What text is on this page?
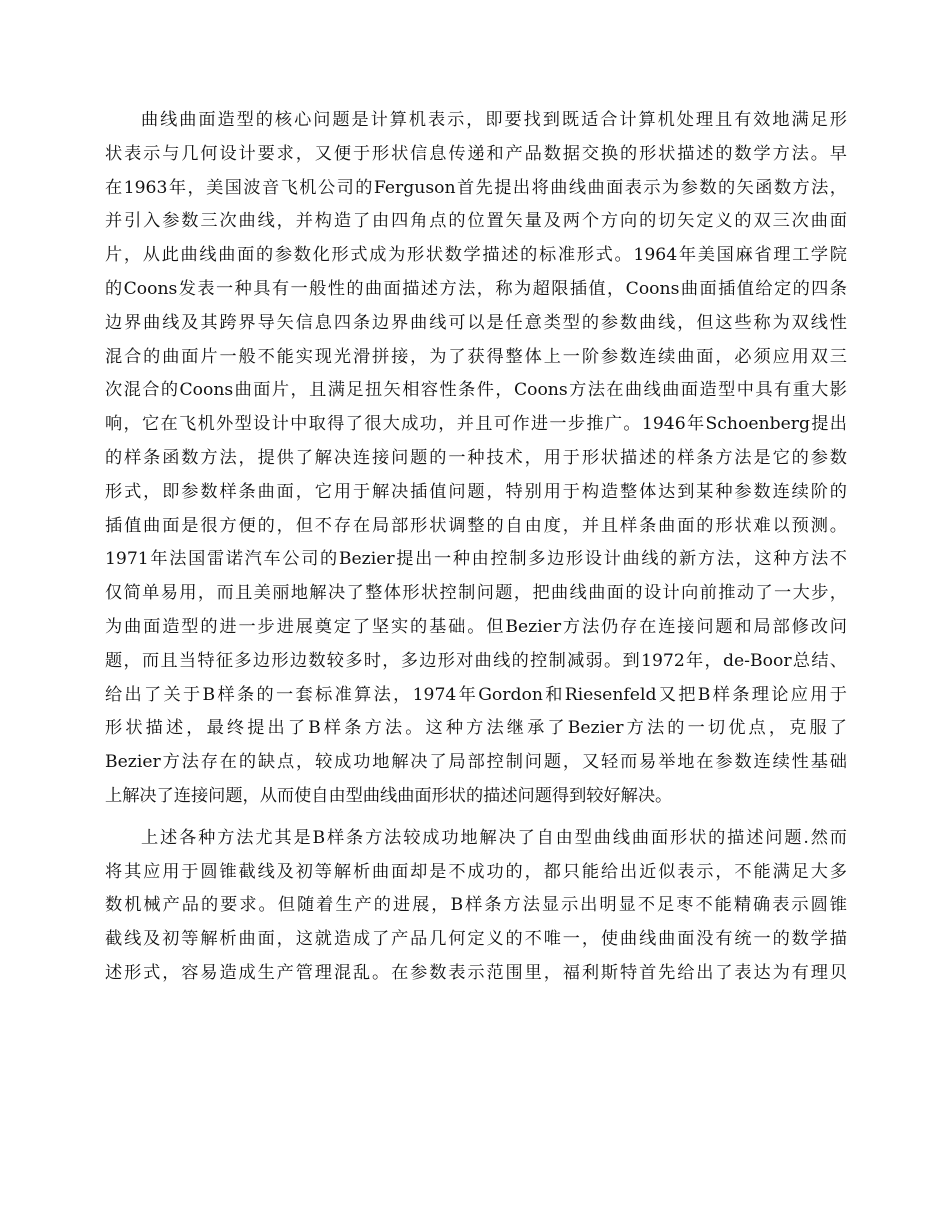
曲线曲面造型的核心问题是计算机表示，即要找到既适合计算机处理且有效地满足形
状表示与几何设计要求，又便于形状信息传递和产品数据交换的形状描述的数学方法。早
在1963年，美国波音飞机公司的Ferguson首先提出将曲线曲面表示为参数的矢函数方法，
并引入参数三次曲线，并构造了由四角点的位置矢量及两个方向的切矢定义的双三次曲面
片，从此曲线曲面的参数化形式成为形状数学描述的标准形式。1964年美国麻省理工学院
的Coons发表一种具有一般性的曲面描述方法，称为超限插值，Coons曲面插值给定的四条
边界曲线及其跨界导矢信息四条边界曲线可以是任意类型的参数曲线，但这些称为双线性
混合的曲面片一般不能实现光滑拼接，为了获得整体上一阶参数连续曲面，必须应用双三
次混合的Coons曲面片，且满足扭矢相容性条件，Coons方法在曲线曲面造型中具有重大影
响，它在飞机外型设计中取得了很大成功，并且可作进一步推广。1946年Schoenberg提出
的样条函数方法，提供了解决连接问题的一种技术，用于形状描述的样条方法是它的参数
形式，即参数样条曲面，它用于解决插值问题，特别用于构造整体达到某种参数连续阶的
插值曲面是很方便的，但不存在局部形状调整的自由度，并且样条曲面的形状难以预测。
1971年法国雷诺汽车公司的Bezier提出一种由控制多边形设计曲线的新方法，这种方法不
仅简单易用，而且美丽地解决了整体形状控制问题，把曲线曲面的设计向前推动了一大步，
为曲面造型的进一步进展奠定了坚实的基础。但Bezier方法仍存在连接问题和局部修改问
题，而且当特征多边形边数较多时，多边形对曲线的控制减弱。到1972年，de-Boor总结、
给出了关于B样条的一套标准算法，1974年Gordon和Riesenfeld又把B样条理论应用于
形状描述，最终提出了B样条方法。这种方法继承了Bezier方法的一切优点，克服了
Bezier方法存在的缺点，较成功地解决了局部控制问题，又轻而易举地在参数连续性基础
上解决了连接问题，从而使自由型曲线曲面形状的描述问题得到较好解决。
上述各种方法尤其是B样条方法较成功地解决了自由型曲线曲面形状的描述问题.然而
将其应用于圆锥截线及初等解析曲面却是不成功的，都只能给出近似表示，不能满足大多
数机械产品的要求。但随着生产的进展，B样条方法显示出明显不足枣不能精确表示圆锥
截线及初等解析曲面，这就造成了产品几何定义的不唯一，使曲线曲面没有统一的数学描
述形式，容易造成生产管理混乱。在参数表示范围里，福利斯特首先给出了表达为有理贝
